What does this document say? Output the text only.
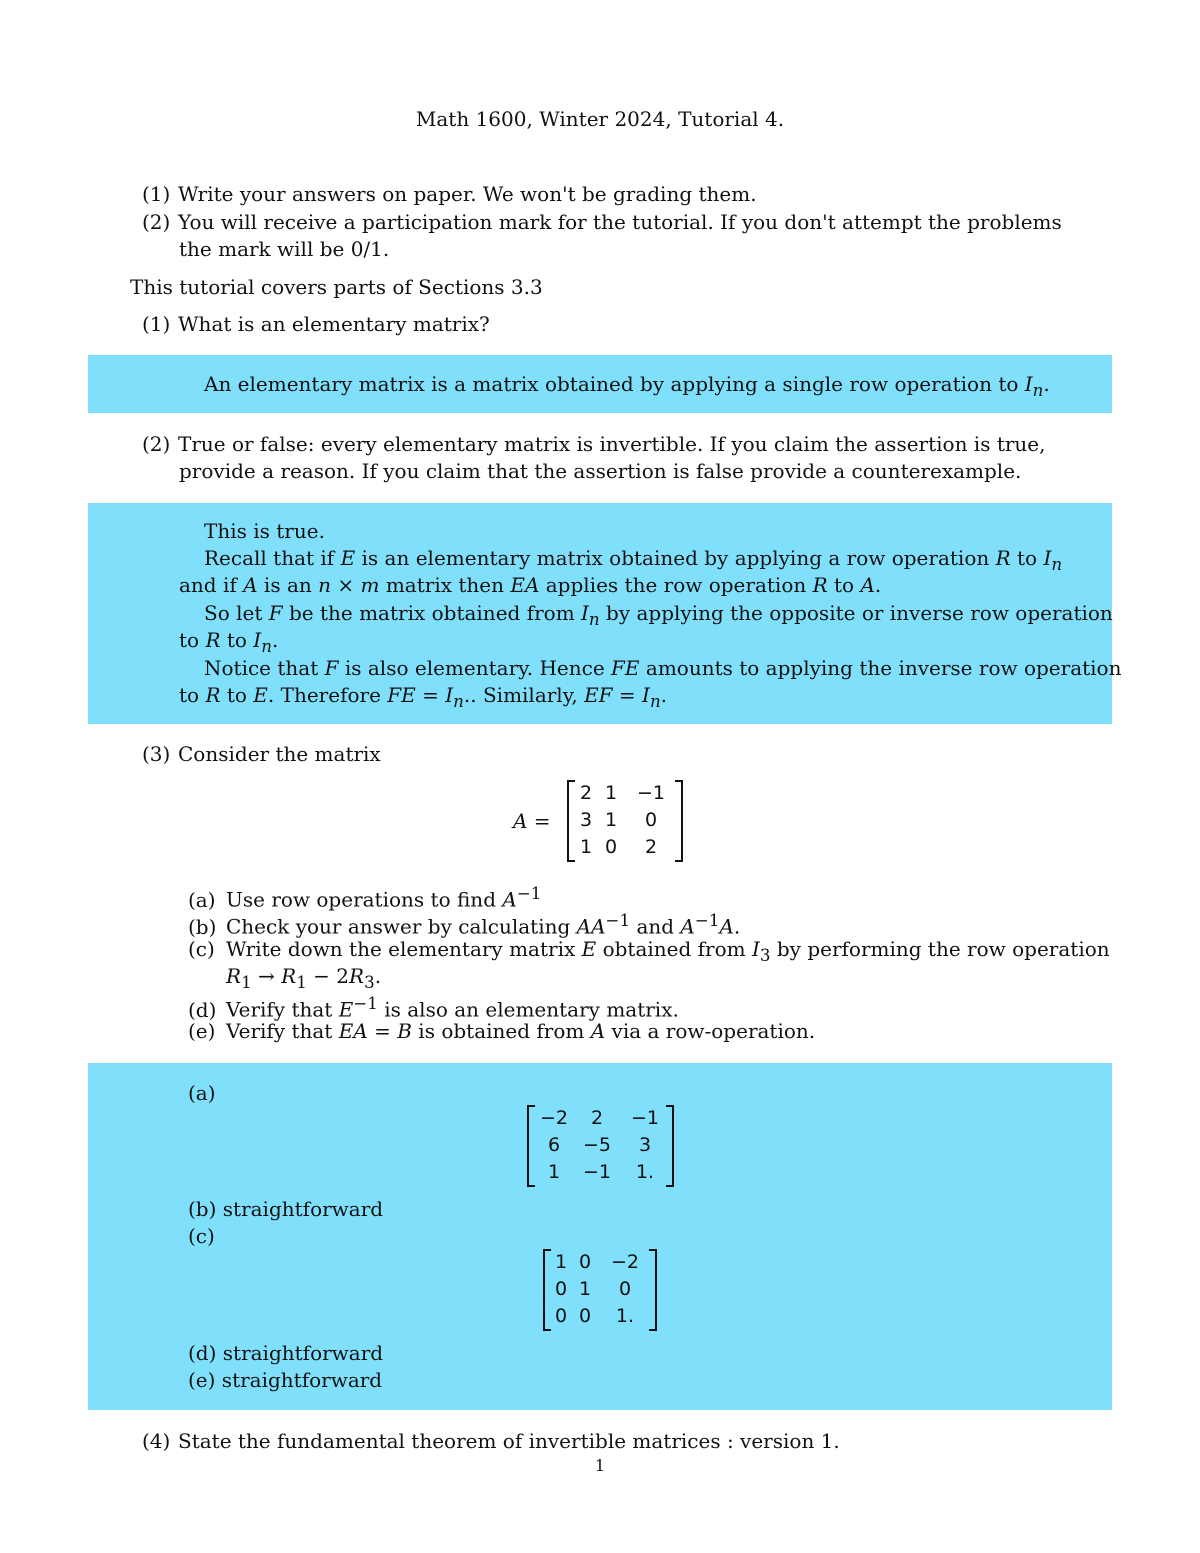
Math 1600, Winter 2024, Tutorial 4.
(1) Write your answers on paper. We won't be grading them.
(2) You will receive a participation mark for the tutorial. If you don't attempt the problems
the mark will be 0/1.
This tutorial covers parts of Sections 3.3
(1) What is an elementary matrix?
An elementary matrix is a matrix obtained by applying a single row operation to $I_n$.
(2) True or false: every elementary matrix is invertible. If you claim the assertion is true,
provide a reason. If you claim that the assertion is false provide a counterexample.
This is true.
Recall that if E is an elementary matrix obtained by applying a row operation R to $I_n$
and if A is an n × m matrix then EA applies the row operation R to A.
So let F be the matrix obtained from $I_n$ by applying the opposite or inverse row operation
to R to $I_n$.
Notice that F is also elementary. Hence FE amounts to applying the inverse row operation
to R to E. Therefore FE = $I_n$.. Similarly, EF = $I_n$.
(3) Consider the matrix
A =
2 1	−1
3 1	0
1 0	2
(a) Use row operations to find $A^{-1}$
(b) Check your answer by calculating $AA^{-1}$ and $A^{-1}A$.
(c) Write down the elementary matrix E obtained from $I_3$ by performing the row operation
$R_1 \to R_1 - 2R_3$.
(d) Verify that $E^{-1}$ is also an elementary matrix.
(e) Verify that EA = B is obtained from A via a row-operation.
(a)
−2	2	−1
6	−5	3
1	−1	1.
(b) straightforward
(c)
1 0	−2
0 1	0
0 0	1.
(d) straightforward
(e) straightforward
(4) State the fundamental theorem of invertible matrices : version 1.
1
